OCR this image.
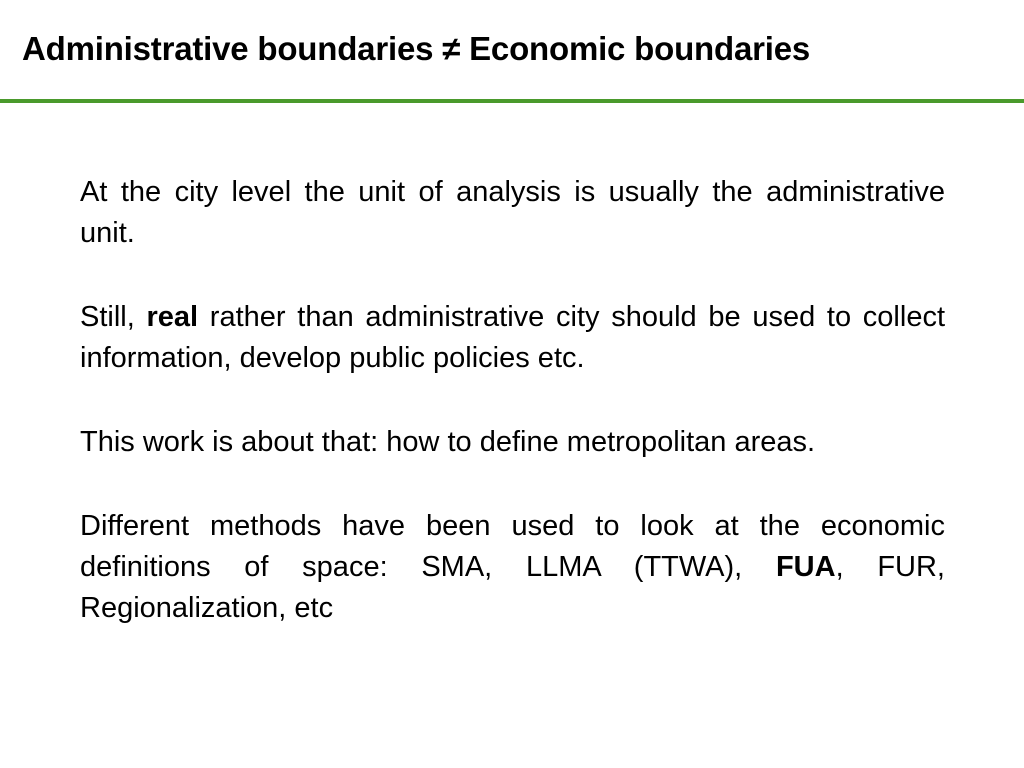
Administrative boundaries ≠ Economic boundaries

At the city level the unit of analysis is usually the administrative unit.

Still, real rather than administrative city should be used to collect information, develop public policies etc.

This work is about that: how to define metropolitan areas.

Different methods have been used to look at the economic definitions of space: SMA, LLMA (TTWA), FUA, FUR, Regionalization, etc
